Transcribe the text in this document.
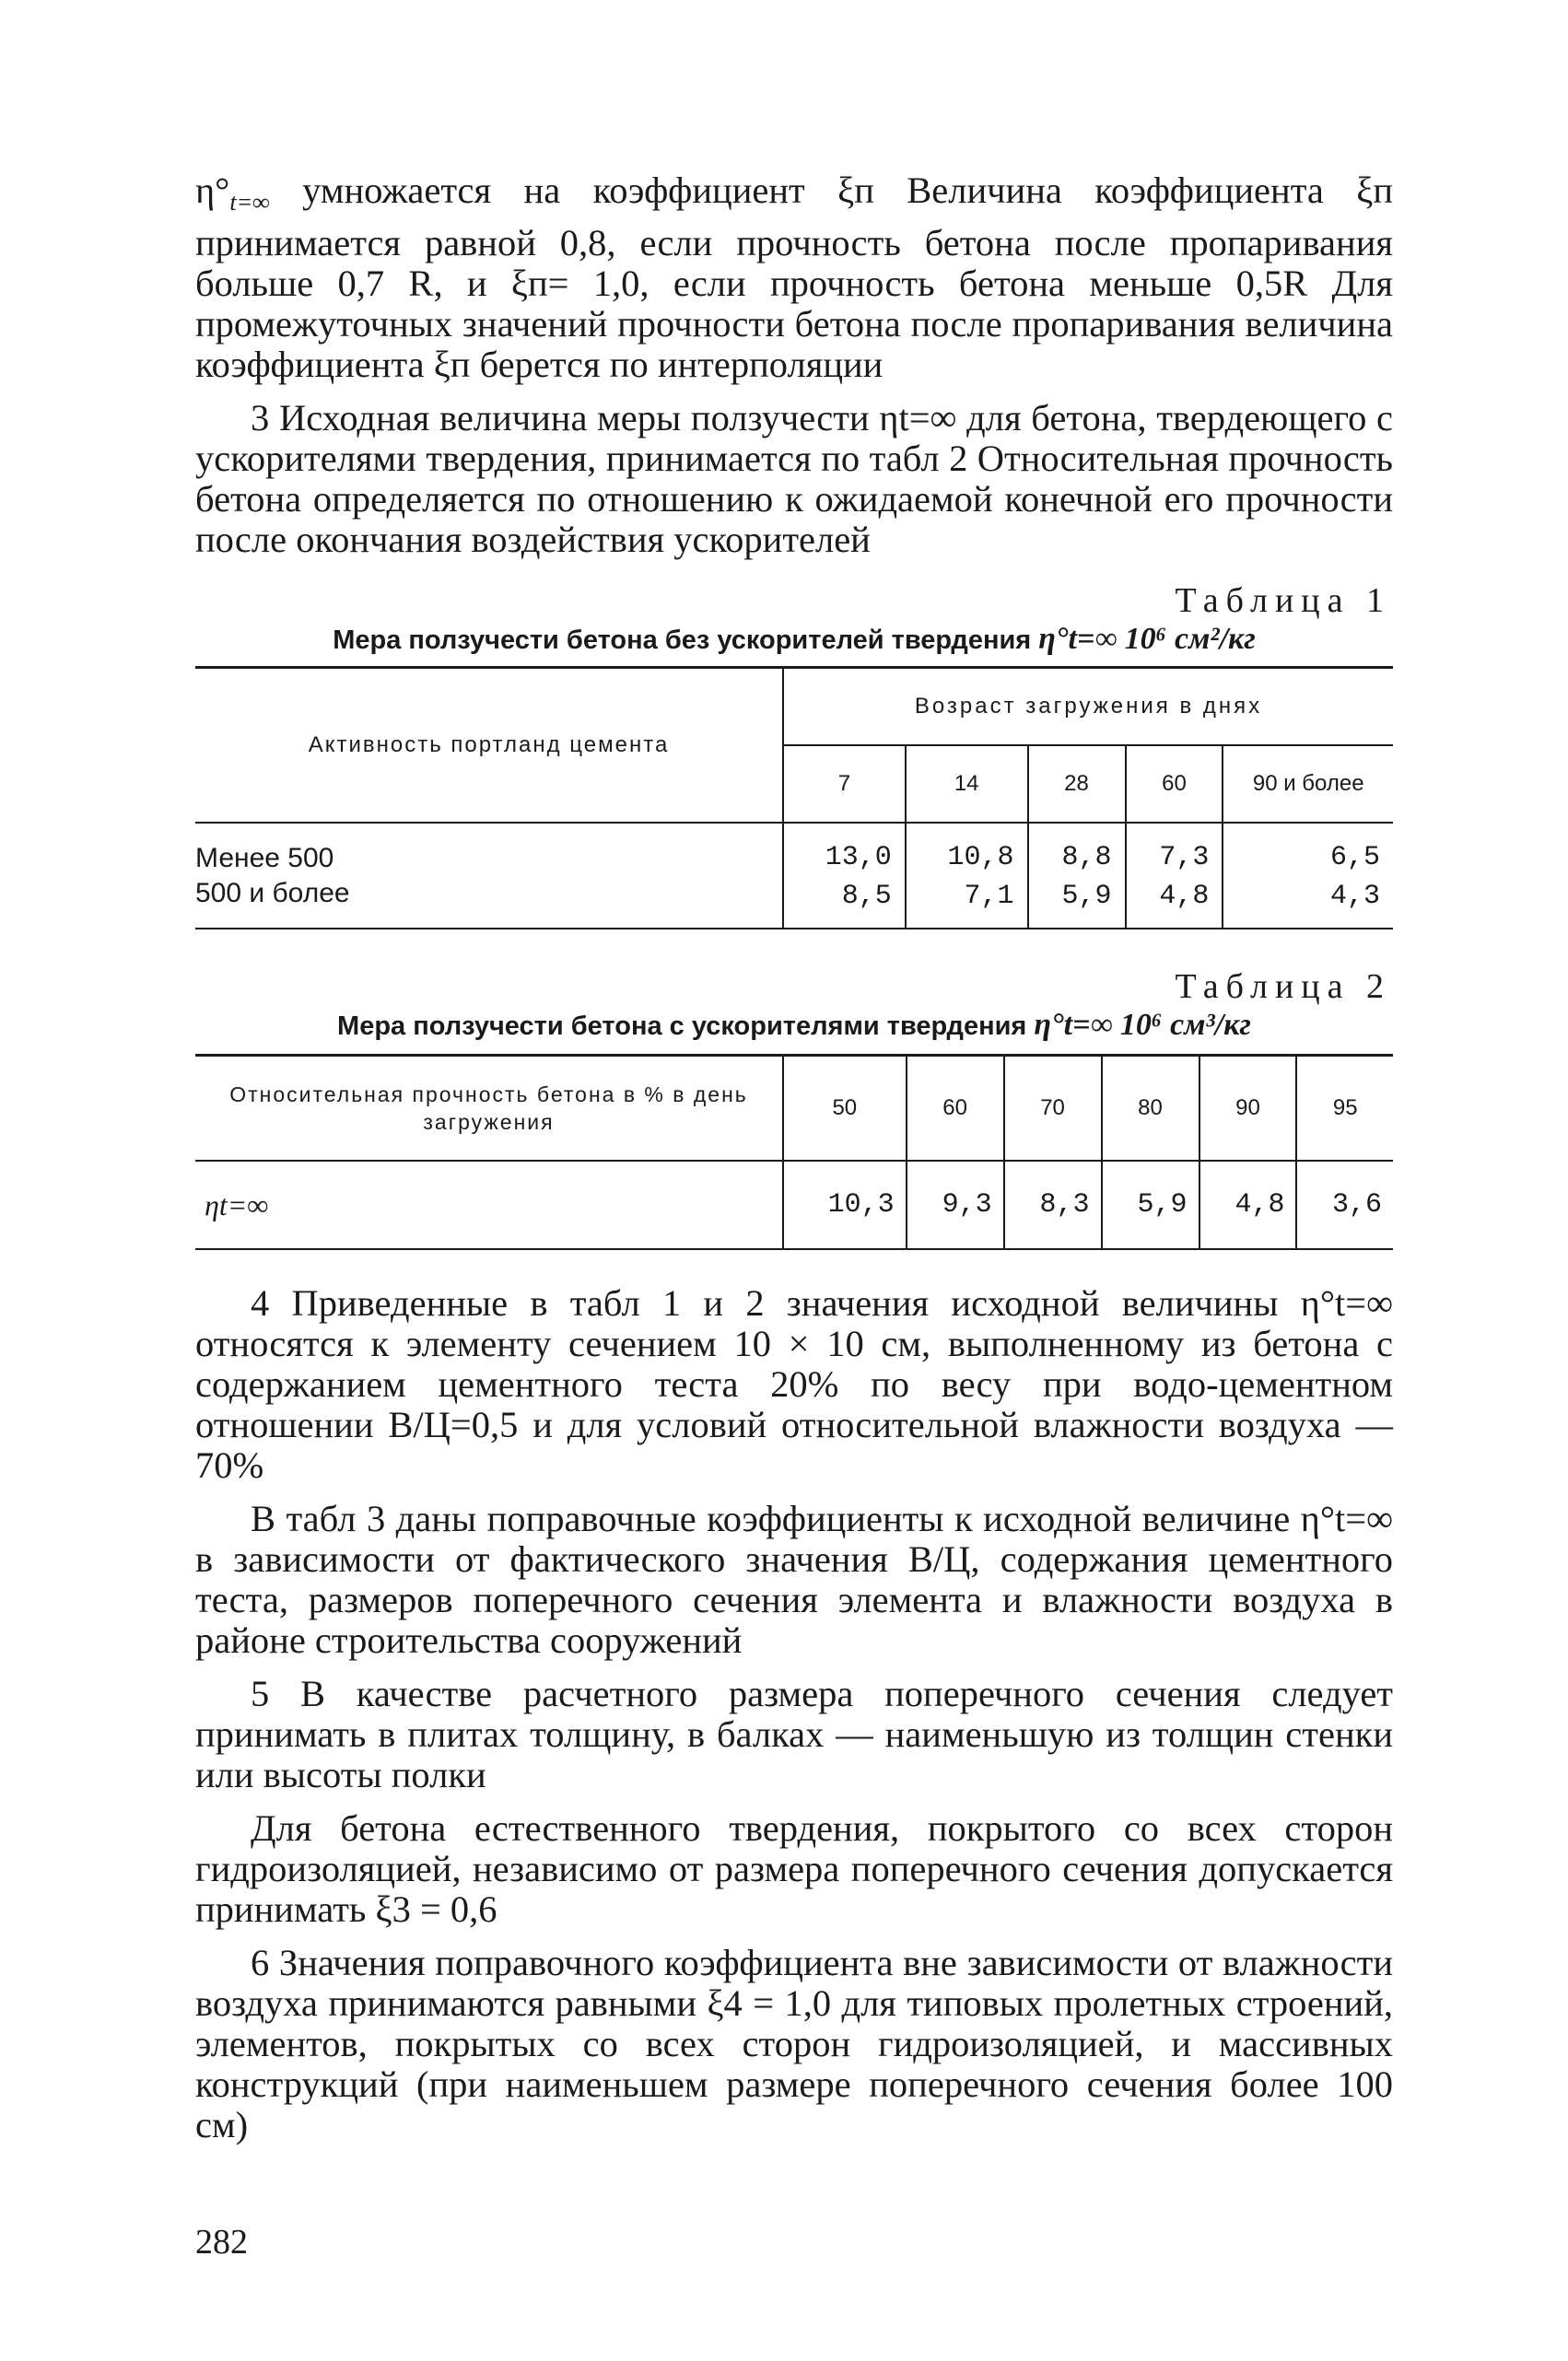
$\eta^\circ_{t=\infty}$ умножается на коэффициент ξп Величина коэффициента ξп принимается равной 0,8, если прочность бетона после пропаривания больше 0,7 R, и ξп= 1,0, если прочность бетона меньше 0,5R Для промежуточных значений прочности бетона после пропаривания величина коэффициента ξп берется по интерполяции

3 Исходная величина меры ползучести ηt=∞ для бетона, твердеющего с ускорителями твердения, принимается по табл 2 Относительная прочность бетона определяется по отношению к ожидаемой конечной его прочности после окончания воздействия ускорителей

Таблица 1
Мера ползучести бетона без ускорителей твердения η°t=∞ 10⁶ см²/кг
Активность портланд цемента	Возраст загружения в днях				
	7	14	28	60	90 и более
Менее 500	13,0	10,8	8,8	7,3	6,5
500 и более	8,5	7,1	5,9	4,8	4,3
Таблица 2
Мера ползучести бетона с ускорителями твердения η°t=∞ 10⁶ см³/кг
Относительная прочность бетона в % в день загружения	50	60	70	80	90	95
ηt=∞	10,3	9,3	8,3	5,9	4,8	3,6

4 Приведенные в табл 1 и 2 значения исходной величины η°t=∞ относятся к элементу сечением 10 × 10 см, выполненному из бетона с содержанием цементного теста 20% по весу при водо-цементном отношении В/Ц=0,5 и для условий относительной влажности воздуха — 70%

В табл 3 даны поправочные коэффициенты к исходной величине η°t=∞ в зависимости от фактического значения В/Ц, содержания цементного теста, размеров поперечного сечения элемента и влажности воздуха в районе строительства сооружений

5 В качестве расчетного размера поперечного сечения следует принимать в плитах толщину, в балках — наименьшую из толщин стенки или высоты полки

Для бетона естественного твердения, покрытого со всех сторон гидроизоляцией, независимо от размера поперечного сечения допускается принимать ξ3 = 0,6

6 Значения поправочного коэффициента вне зависимости от влажности воздуха принимаются равными ξ4 = 1,0 для типовых пролетных строений, элементов, покрытых со всех сторон гидроизоляцией, и массивных конструкций (при наименьшем размере поперечного сечения более 100 см)

282
